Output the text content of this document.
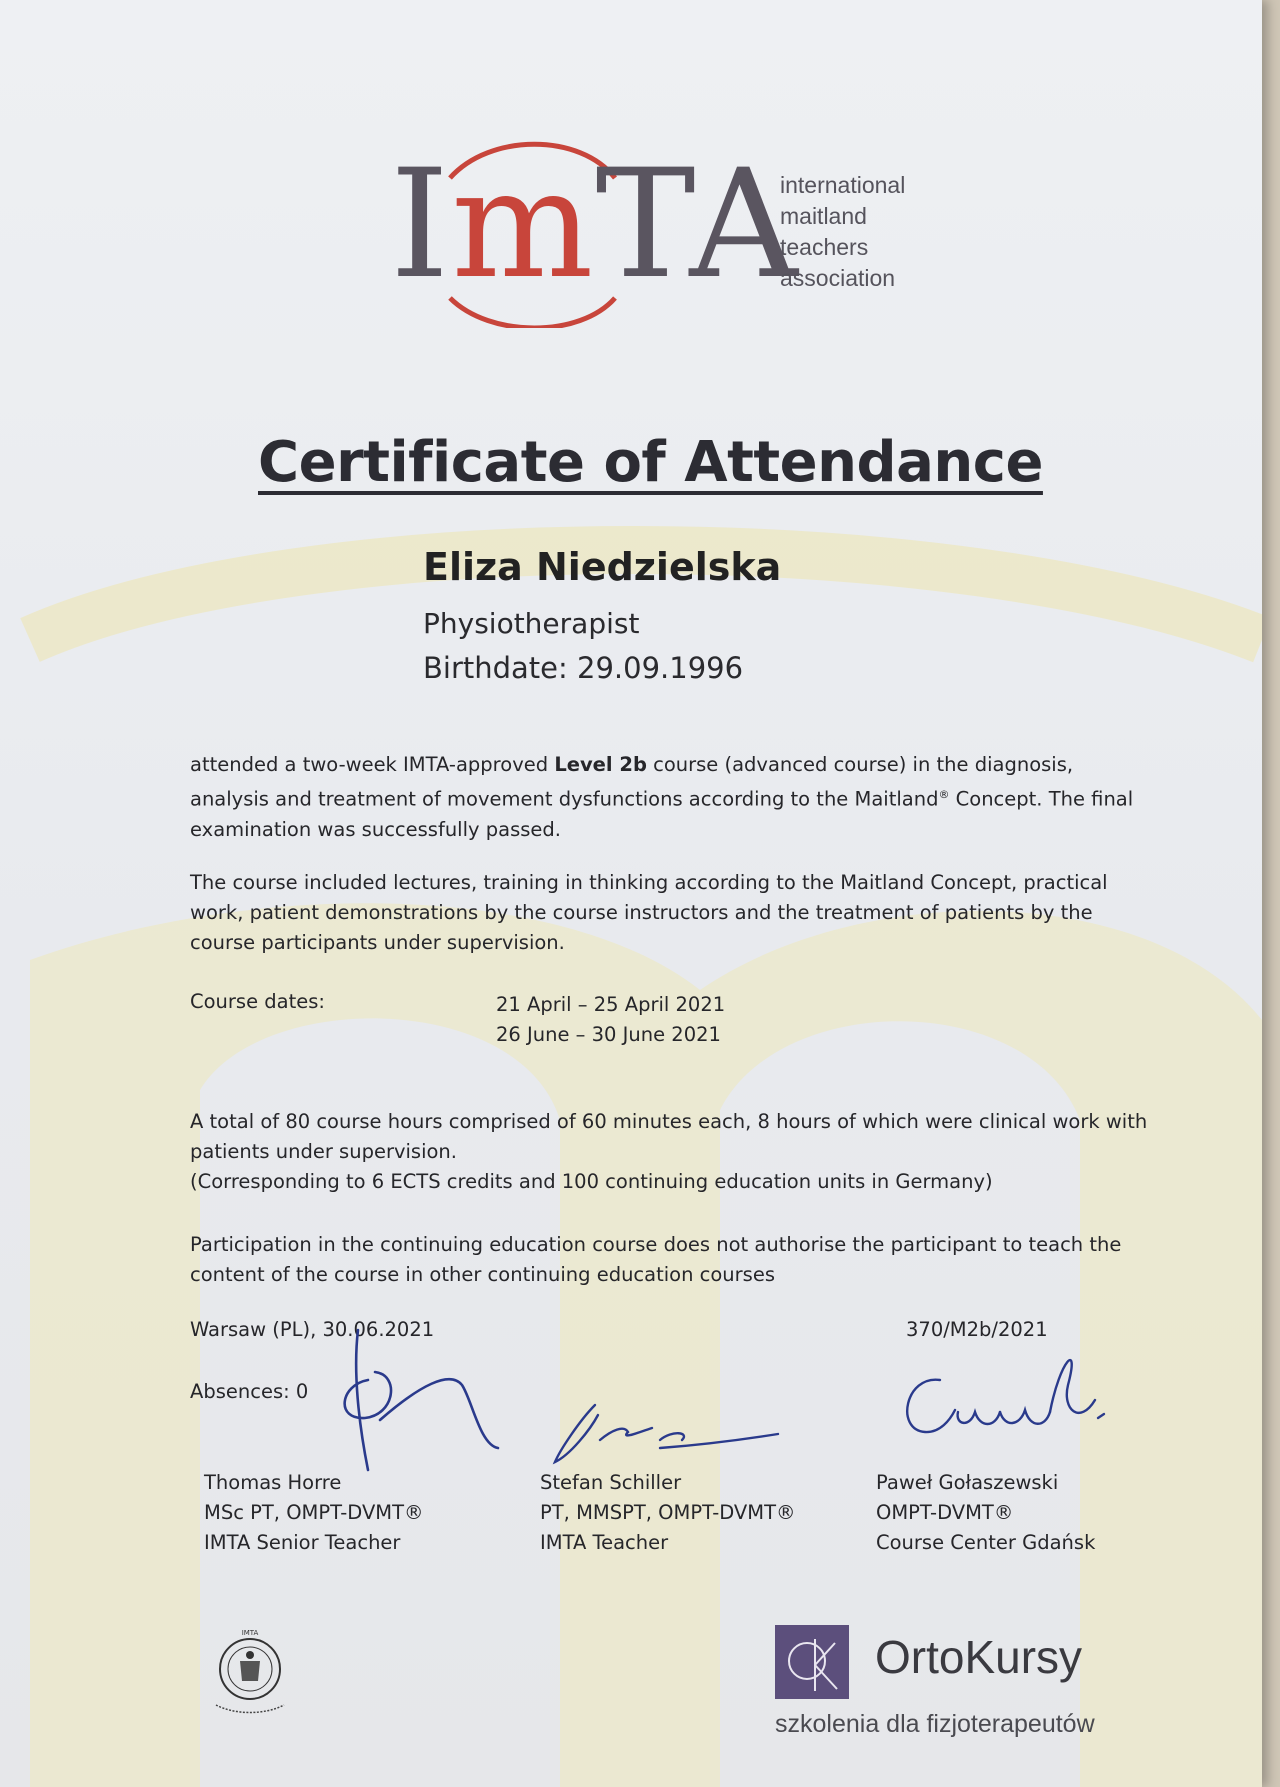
ImTA
international
maitland
teachers
association
Certificate of Attendance
Eliza Niedzielska
Physiotherapist
Birthdate: 29.09.1996

attended a two-week IMTA-approved Level 2b course (advanced course) in the diagnosis, analysis and treatment of movement dysfunctions according to the Maitland® Concept. The final examination was successfully passed.

The course included lectures, training in thinking according to the Maitland Concept, practical work, patient demonstrations by the course instructors and the treatment of patients by the course participants under supervision.

Course dates:	21 April – 25 April 2021
26 June – 30 June 2021
A total of 80 course hours comprised of 60 minutes each, 8 hours of which were clinical work with patients under supervision.
(Corresponding to 6 ECTS credits and 100 continuing education units in Germany)

Participation in the continuing education course does not authorise the participant to teach the content of the course in other continuing education courses

Warsaw (PL), 30.06.2021	370/M2b/2021
Absences: 0
Thomas Horre
MSc PT, OMPT-DVMT®
IMTA Senior Teacher
Stefan Schiller
PT, MMSPT, OMPT-DVMT®
IMTA Teacher
Paweł Gołaszewski
OMPT-DVMT®
Course Center Gdańsk
IMTA	OrtoKursy
szkolenia dla fizjoterapeutów
